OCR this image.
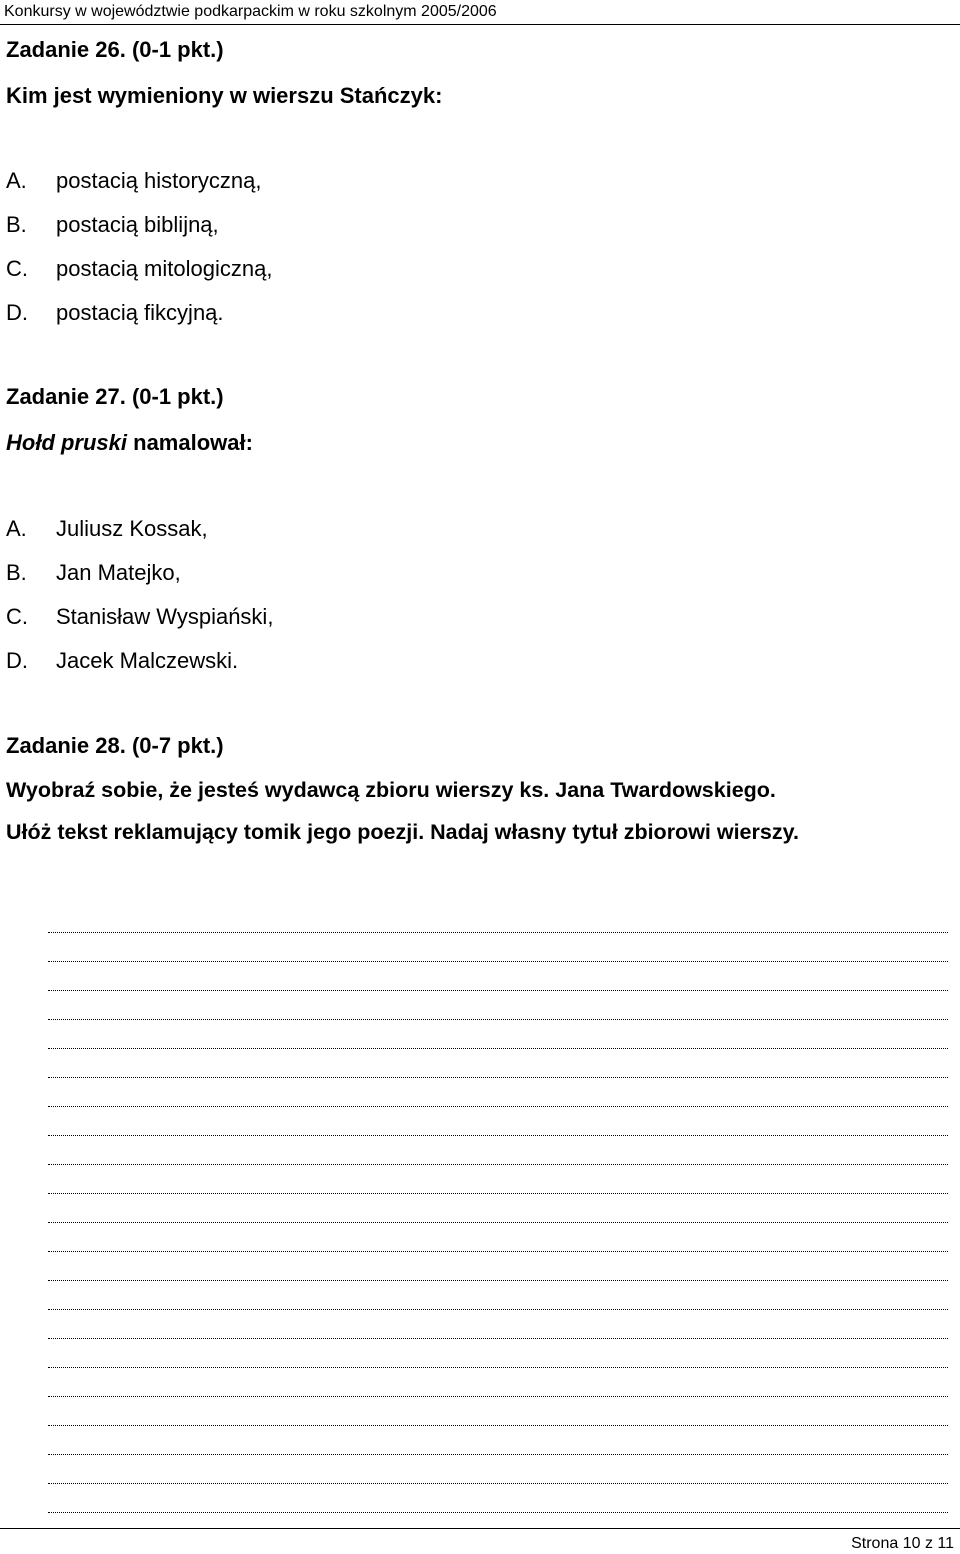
Konkursy w województwie podkarpackim w roku szkolnym 2005/2006
Zadanie 26. (0-1 pkt.)
Kim jest wymieniony w wierszu Stańczyk:
A. postacią historyczną,
B. postacią biblijną,
C. postacią mitologiczną,
D. postacią fikcyjną.
Zadanie 27. (0-1 pkt.)
Hołd pruski namalował:
A. Juliusz Kossak,
B. Jan Matejko,
C. Stanisław Wyspiański,
D. Jacek Malczewski.
Zadanie 28. (0-7 pkt.)
Wyobraź sobie, że jesteś wydawcą zbioru wierszy ks. Jana Twardowskiego.
Ułóż tekst reklamujący tomik jego poezji. Nadaj własny tytuł zbiorowi wierszy.
Strona 10 z 11
